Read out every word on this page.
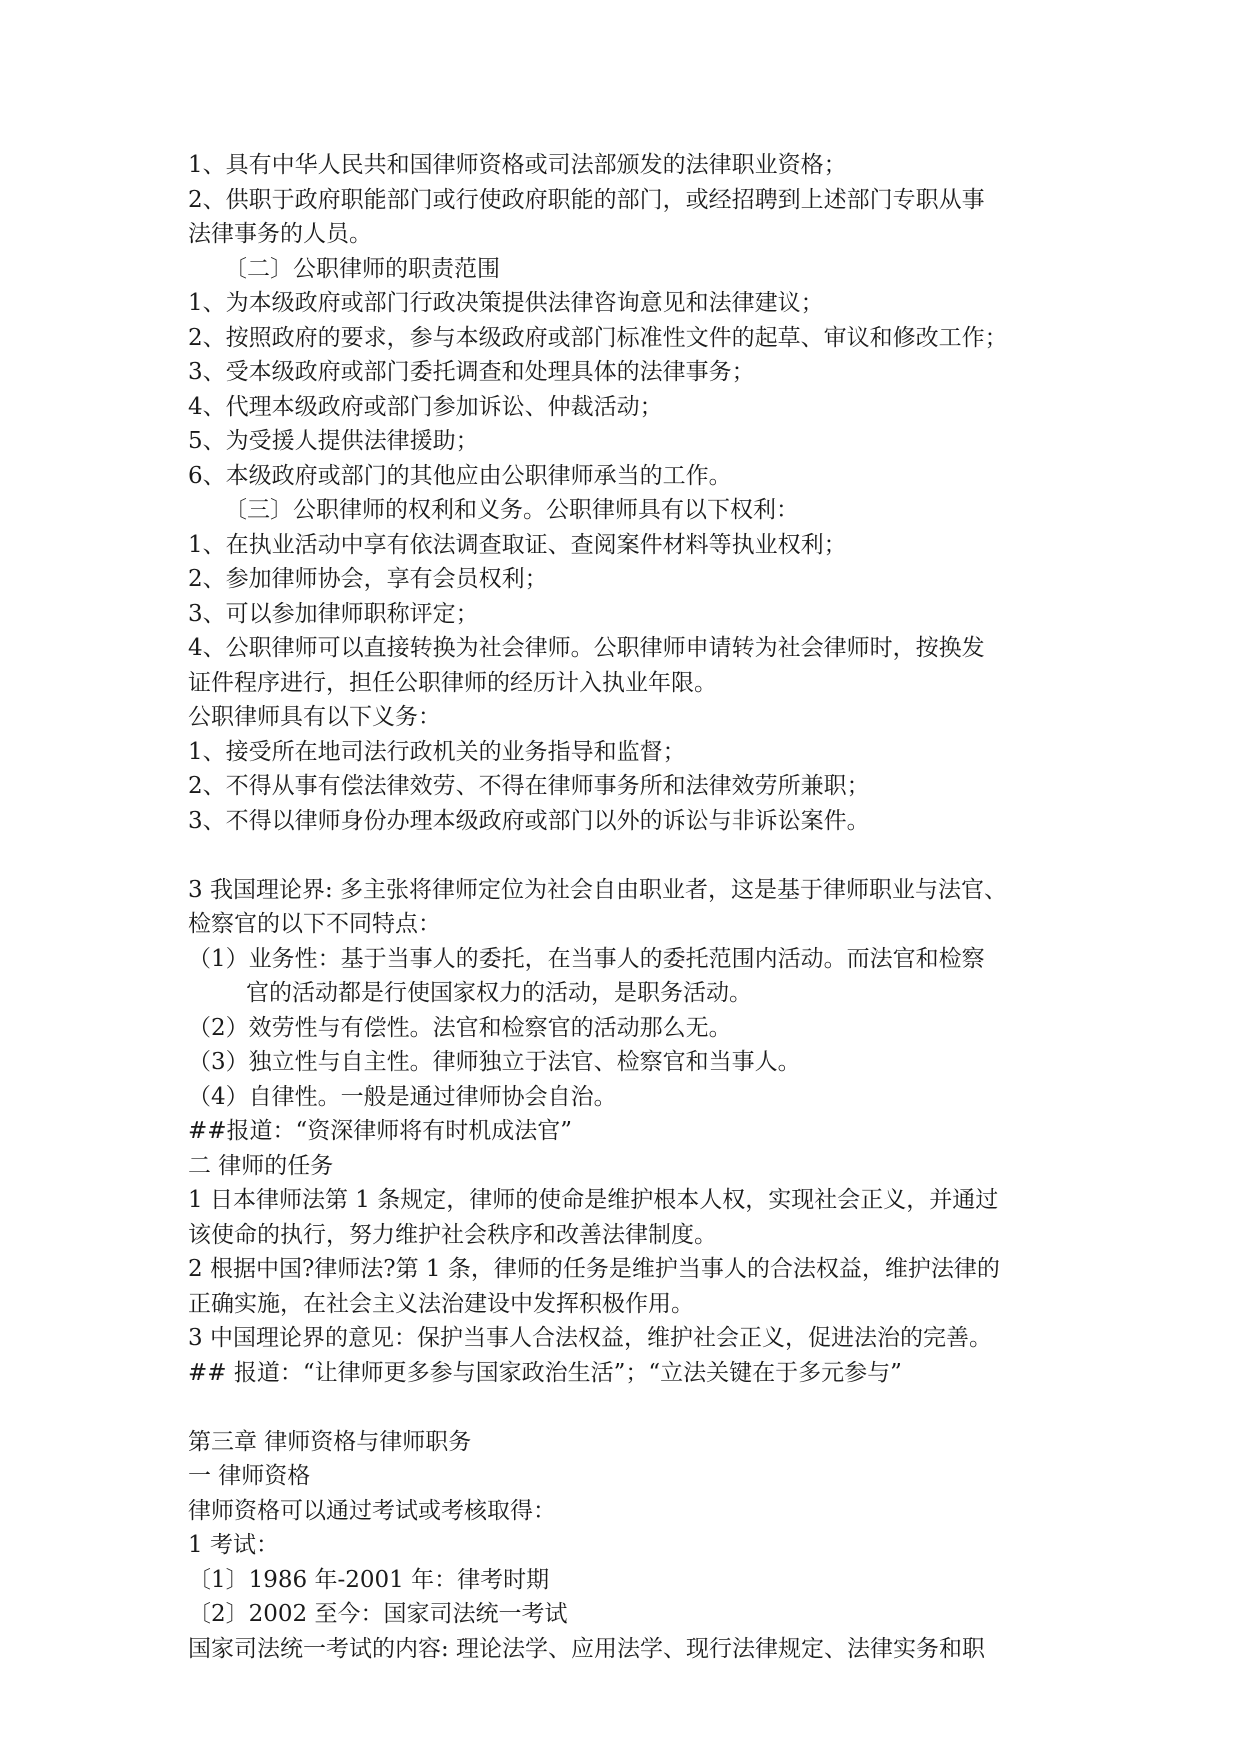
1、具有中华人民共和国律师资格或司法部颁发的法律职业资格；
2、供职于政府职能部门或行使政府职能的部门，或经招聘到上述部门专职从事
法律事务的人员。
〔二〕公职律师的职责范围
1、为本级政府或部门行政决策提供法律咨询意见和法律建议；
2、按照政府的要求，参与本级政府或部门标准性文件的起草、审议和修改工作；
3、受本级政府或部门委托调查和处理具体的法律事务；
4、代理本级政府或部门参加诉讼、仲裁活动；
5、为受援人提供法律援助；
6、本级政府或部门的其他应由公职律师承当的工作。
〔三〕公职律师的权利和义务。公职律师具有以下权利：
1、在执业活动中享有依法调查取证、查阅案件材料等执业权利；
2、参加律师协会，享有会员权利；
3、可以参加律师职称评定；
4、公职律师可以直接转换为社会律师。公职律师申请转为社会律师时，按换发
证件程序进行，担任公职律师的经历计入执业年限。
公职律师具有以下义务：
1、接受所在地司法行政机关的业务指导和监督；
2、不得从事有偿法律效劳、不得在律师事务所和法律效劳所兼职；
3、不得以律师身份办理本级政府或部门以外的诉讼与非诉讼案件。
3 我国理论界: 多主张将律师定位为社会自由职业者，这是基于律师职业与法官、
检察官的以下不同特点：
（1）业务性：基于当事人的委托，在当事人的委托范围内活动。而法官和检察
官的活动都是行使国家权力的活动，是职务活动。
（2）效劳性与有偿性。法官和检察官的活动那么无。
（3）独立性与自主性。律师独立于法官、检察官和当事人。
（4）自律性。一般是通过律师协会自治。
##报道：“资深律师将有时机成法官”
二 律师的任务
1 日本律师法第 1 条规定，律师的使命是维护根本人权，实现社会正义，并通过
该使命的执行，努力维护社会秩序和改善法律制度。
2 根据中国?律师法?第 1 条，律师的任务是维护当事人的合法权益，维护法律的
正确实施，在社会主义法治建设中发挥积极作用。
3 中国理论界的意见：保护当事人合法权益，维护社会正义，促进法治的完善。
## 报道：“让律师更多参与国家政治生活”；“立法关键在于多元参与”
第三章 律师资格与律师职务
一 律师资格
律师资格可以通过考试或考核取得：
1 考试：
〔1〕1986 年-2001 年：律考时期
〔2〕2002 至今：国家司法统一考试
国家司法统一考试的内容: 理论法学、应用法学、现行法律规定、法律实务和职
